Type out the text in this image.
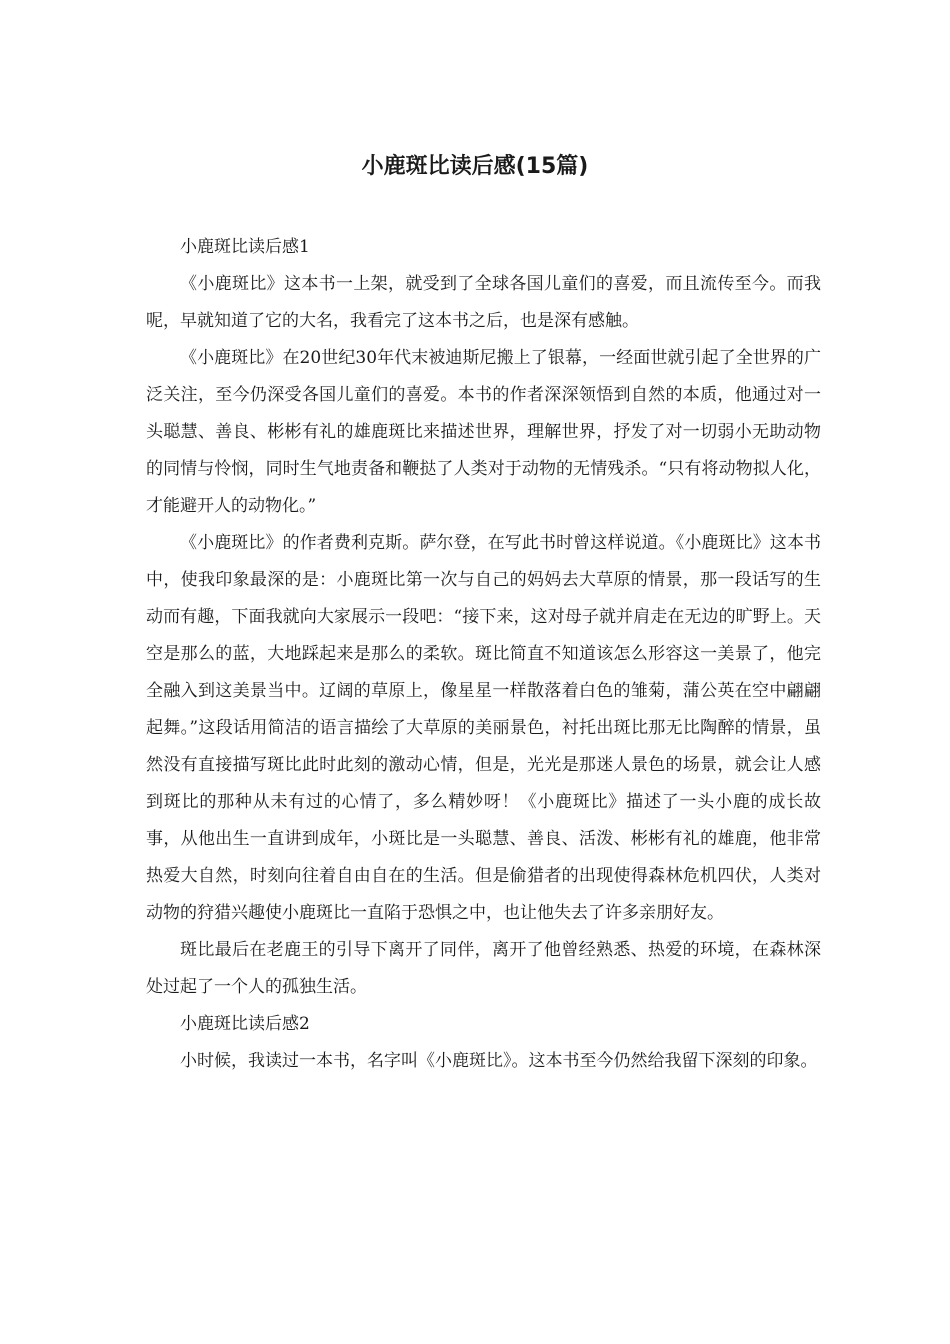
小鹿斑比读后感(15篇)

小鹿斑比读后感1

《小鹿斑比》这本书一上架，就受到了全球各国儿童们的喜爱，而且流传至今。而我呢，早就知道了它的大名，我看完了这本书之后，也是深有感触。

《小鹿斑比》在20世纪30年代末被迪斯尼搬上了银幕，一经面世就引起了全世界的广泛关注，至今仍深受各国儿童们的喜爱。本书的作者深深领悟到自然的本质，他通过对一头聪慧、善良、彬彬有礼的雄鹿斑比来描述世界，理解世界，抒发了对一切弱小无助动物的同情与怜悯，同时生气地责备和鞭挞了人类对于动物的无情残杀。“只有将动物拟人化，才能避开人的动物化。”

《小鹿斑比》的作者费利克斯。萨尔登，在写此书时曾这样说道。《小鹿斑比》这本书中，使我印象最深的是：小鹿斑比第一次与自己的妈妈去大草原的情景，那一段话写的生动而有趣，下面我就向大家展示一段吧：“接下来，这对母子就并肩走在无边的旷野上。天空是那么的蓝，大地踩起来是那么的柔软。斑比简直不知道该怎么形容这一美景了，他完全融入到这美景当中。辽阔的草原上，像星星一样散落着白色的雏菊，蒲公英在空中翩翩起舞。”这段话用简洁的语言描绘了大草原的美丽景色，衬托出斑比那无比陶醉的情景，虽然没有直接描写斑比此时此刻的激动心情，但是，光光是那迷人景色的场景，就会让人感到斑比的那种从未有过的心情了，多么精妙呀！《小鹿斑比》描述了一头小鹿的成长故事，从他出生一直讲到成年，小斑比是一头聪慧、善良、活泼、彬彬有礼的雄鹿，他非常热爱大自然，时刻向往着自由自在的生活。但是偷猎者的出现使得森林危机四伏，人类对动物的狩猎兴趣使小鹿斑比一直陷于恐惧之中，也让他失去了许多亲朋好友。

斑比最后在老鹿王的引导下离开了同伴，离开了他曾经熟悉、热爱的环境，在森林深处过起了一个人的孤独生活。

小鹿斑比读后感2

小时候，我读过一本书，名字叫《小鹿斑比》。这本书至今仍然给我留下深刻的印象。
